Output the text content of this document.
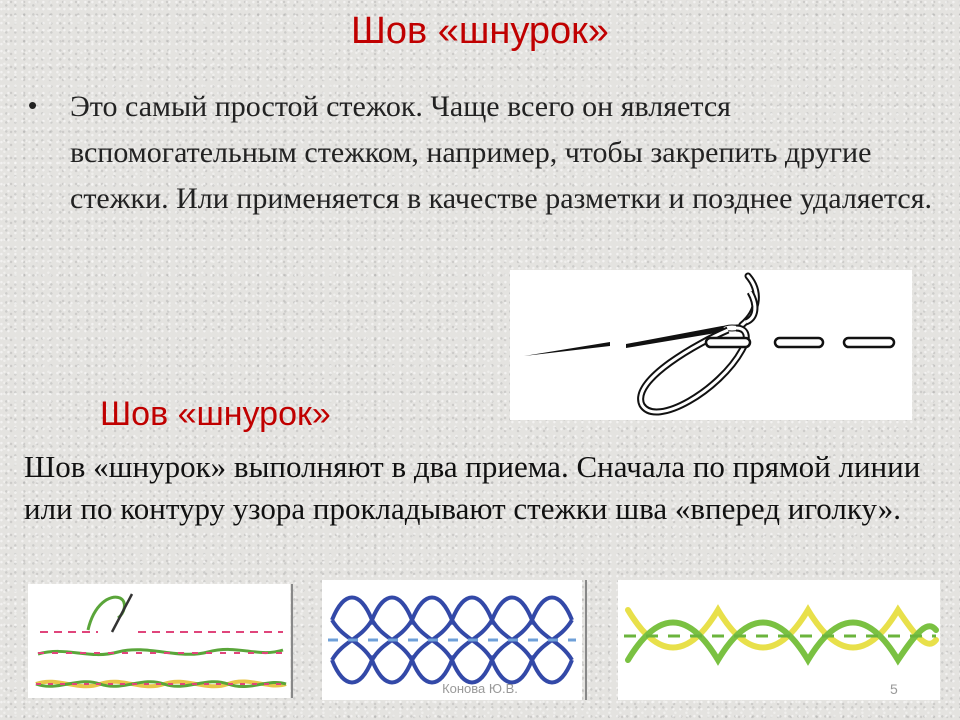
Шов «шнурок»
• Это самый простой стежок. Чаще всего он является вспомогательным стежком, например, чтобы закрепить другие стежки. Или применяется в качестве разметки и позднее удаляется.
Шов «шнурок»
Шов «шнурок» выполняют в два приема. Сначала по прямой линии или по контуру узора прокладывают стежки шва «вперед иголку».
Конова Ю.В.	5
